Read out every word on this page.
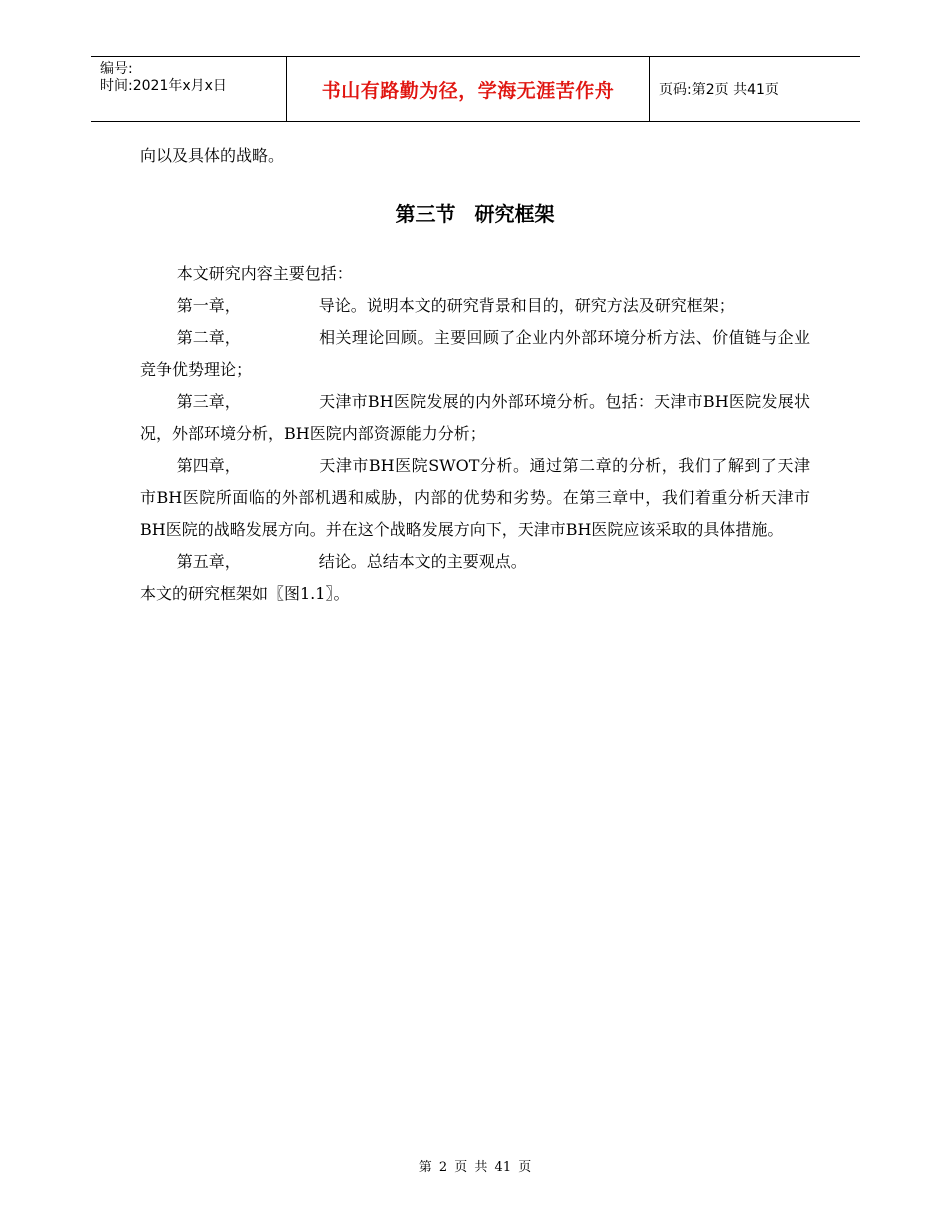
编号:
时间:2021年x月x日	书山有路勤为径，学海无涯苦作舟	页码:第2页 共41页

向以及具体的战略。

第三节 研究框架

本文研究内容主要包括：

第一章，	导论。说明本文的研究背景和目的，研究方法及研究框架；

第二章，	相关理论回顾。主要回顾了企业内外部环境分析方法、价值链与企业竞争优势理论；

第三章，	天津市BH医院发展的内外部环境分析。包括：天津市BH医院发展状况，外部环境分析，BH医院内部资源能力分析；

第四章，	天津市BH医院SWOT分析。通过第二章的分析，我们了解到了天津市BH医院所面临的外部机遇和威胁，内部的优势和劣势。在第三章中，我们着重分析天津市BH医院的战略发展方向。并在这个战略发展方向下，天津市BH医院应该采取的具体措施。

第五章，	结论。总结本文的主要观点。

本文的研究框架如〖图1.1〗。

第 2 页 共 41 页
